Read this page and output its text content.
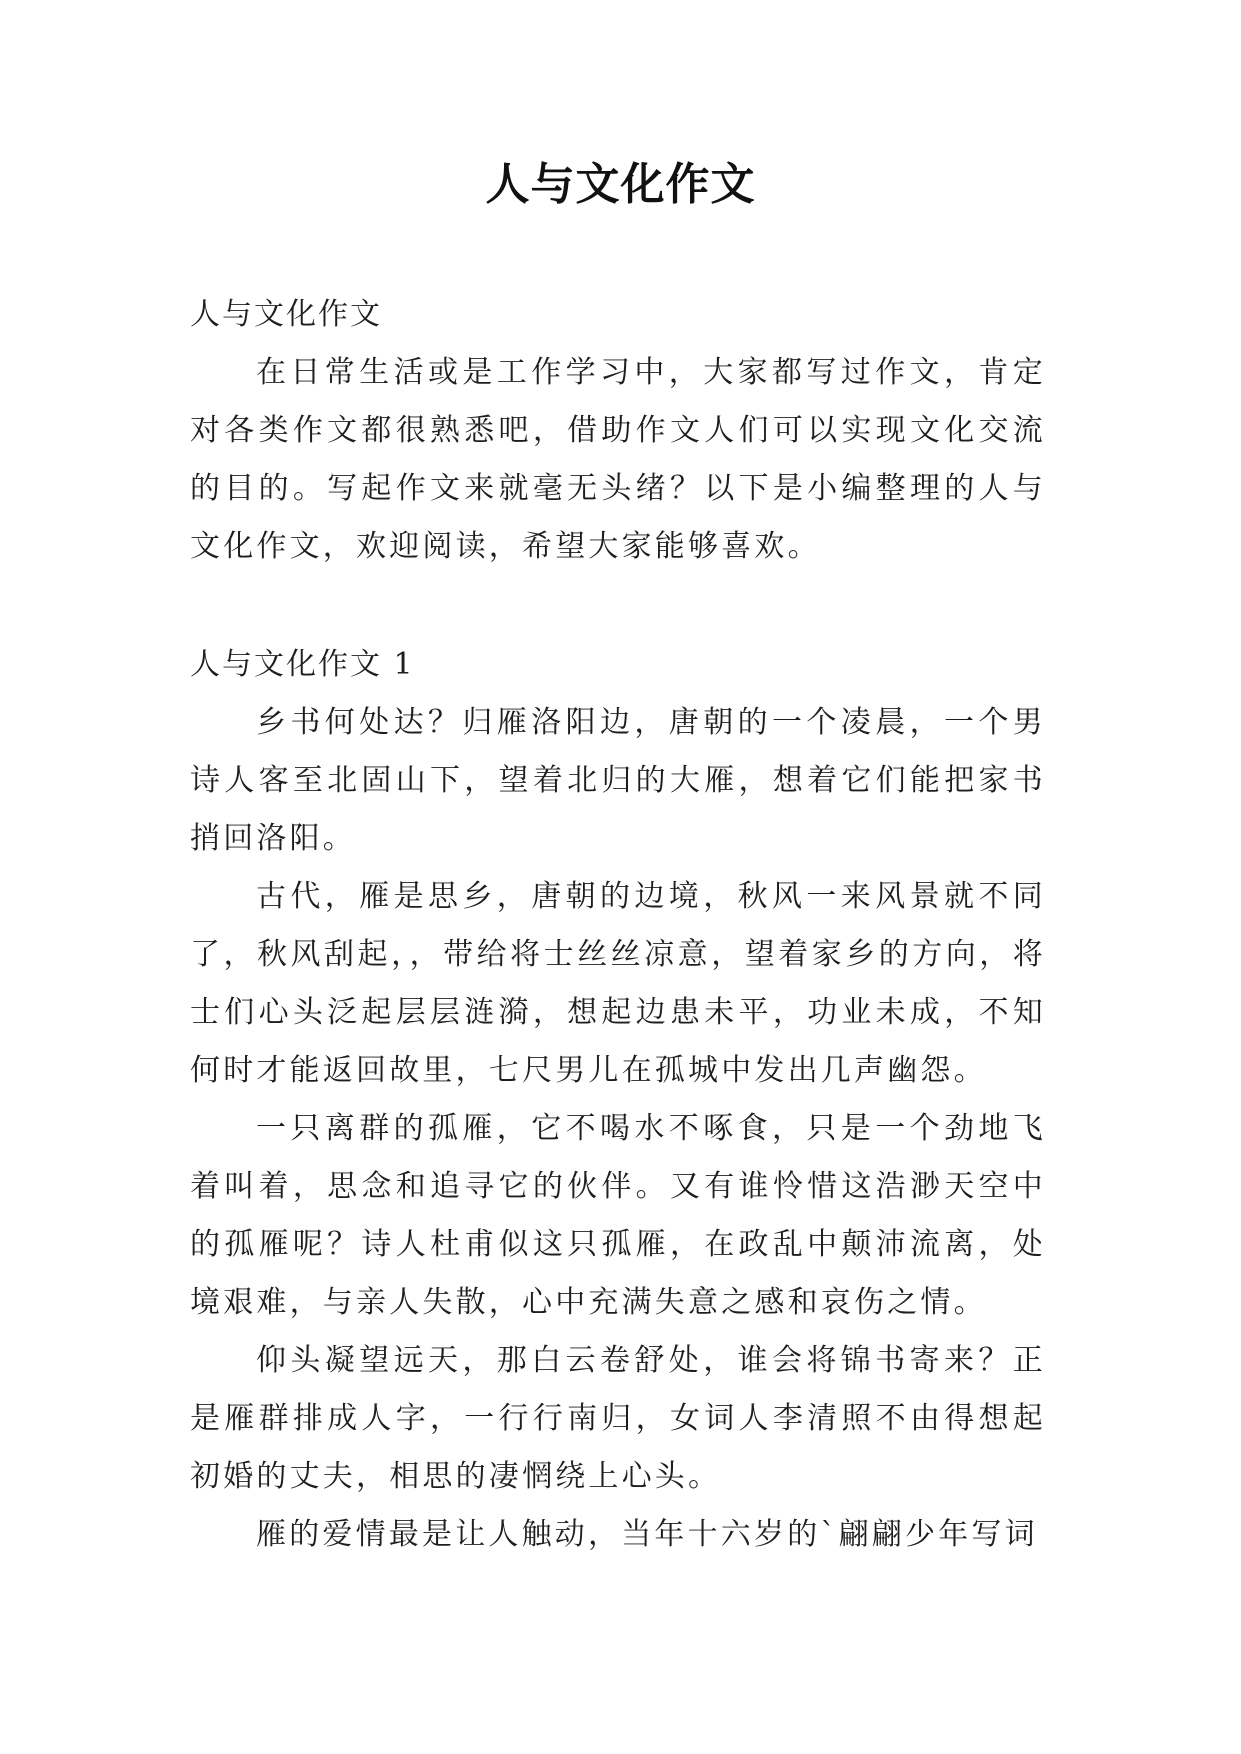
人与文化作文

人与文化作文

在日常生活或是工作学习中，大家都写过作文，肯定对各类作文都很熟悉吧，借助作文人们可以实现文化交流的目的。写起作文来就毫无头绪？以下是小编整理的人与文化作文，欢迎阅读，希望大家能够喜欢。

人与文化作文 1

乡书何处达？归雁洛阳边，唐朝的一个凌晨，一个男诗人客至北固山下，望着北归的大雁，想着它们能把家书捎回洛阳。

古代，雁是思乡，唐朝的边境，秋风一来风景就不同了，秋风刮起，，带给将士丝丝凉意，望着家乡的方向，将士们心头泛起层层涟漪，想起边患未平，功业未成，不知何时才能返回故里，七尺男儿在孤城中发出几声幽怨。

一只离群的孤雁，它不喝水不啄食，只是一个劲地飞着叫着，思念和追寻它的伙伴。又有谁怜惜这浩渺天空中的孤雁呢？诗人杜甫似这只孤雁，在政乱中颠沛流离，处境艰难，与亲人失散，心中充满失意之感和哀伤之情。

仰头凝望远天，那白云卷舒处，谁会将锦书寄来？正是雁群排成人字，一行行南归，女词人李清照不由得想起初婚的丈夫，相思的凄惘绕上心头。

雁的爱情最是让人触动，当年十六岁的`翩翩少年写词
